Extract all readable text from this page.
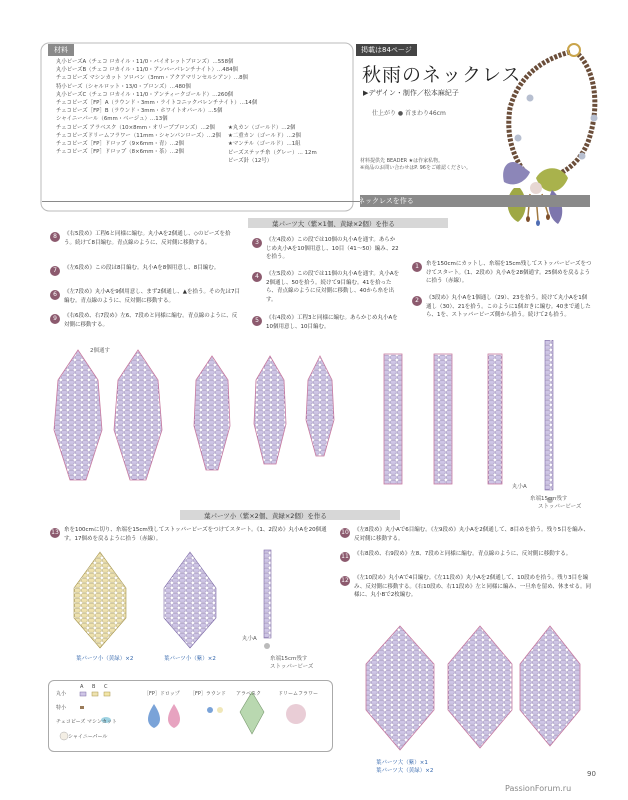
材料
丸小ビーズA（チェコ ロカイル・11/0・バイオレットブロンズ）…558個
丸小ビーズB（チェコ ロカイル・11/0・アンバーパレンチナイト）…484個
チェコビーズ マシンカット ソロバン（3mm・アクアマリンセルシアン）…8個
特小ビーズ（シャルロット・13/0・ブロンズ）…480個
丸小ビーズC（チェコ ロカイル・11/0・アンティークゴールド）…260個
チェコビーズ［FP］A（ラウンド・3mm・ライトコニックバレンチナイト）…14個
チェコビーズ［FP］B（ラウンド・3mm・ホワイトオパール）…5個
シャイニーパール（6mm・ベージュ）…13個
チェコビーズ アラベスク（10×8mm・オリーブブロンズ）…2個
チェコビーズドリームフラワー（11mm・シャンパンローズ）…2個
チェコビーズ［FP］ドロップ（9×6mm・青）…2個
チェコビーズ［FP］ドロップ（8×6mm・茶）…2個
★丸カン（ゴールド）…2個
★二重カン（ゴールド）…2個
★マンテル（ゴールド）…1組
ビーズステッチ糸（グレー）… 12m
ビーズ針（12号）
掲載は84ページ
秋雨のネックレス
▶デザイン・制作／松本麻紀子
仕上がり ● 首まわり46cm
材料提供先 BEADER ★は作家私物。
※商品のお問い合わせはP. 96をご確認ください。
ネックレスを作る
葉パーツ大（紫×1個、黄緑×2個）を作る
8	《右5段め》工程6と同様に編む。丸小Aを2個通し、◇のビーズを拾う。続けて8目編む。青点線のように、反対側に移動する。
7	《左6段め》この段は8目編む。丸小Aを8個用意し、8目編む。
6	《左7段め》丸小Aを9個用意し、まず2個通し、▲を拾う。その先は7目編む。青点線のように、反対側に移動する。
9	《右6段め、右7段め》左6、7段めと同様に編む。青点線のように、反対側に移動する。
3	《左4段め》この段では10個の丸小Aを通す。あらかじめ丸小Aを10個用意し、10目（41〜50）編み、22を拾う。
4	《左5段め》この段では11個の丸小Aを通す。丸小Aを2個通し、50を拾う。続けて9目編む。41を拾ったら、青点線のように反対側に移動し、40から糸を出す。
5	《右4段め》工程3と同様に編む。あらかじめ丸小Aを10個用意し、10目編む。
1	糸を150cmにカットし、糸端を15cm残してストッパービーズをつけてスタート。《1、2段め》丸小Aを28個通す。25個めを戻るように拾う（赤線）。
2	《3段め》丸小Aを1個通し（29）、23を拾う。続けて丸小Aを1個通し（30）、21を拾う。このように1個おきに編む。40まで通したら、1を、ストッパービーズ側から拾う。続けて2も拾う。
2個通す
丸小A
糸端15cm残す
ストッパービーズ
葉パーツ小（紫×2個、黄緑×2個）を作る
13 糸を100cmに切り、糸端を15cm残してストッパービーズをつけてスタート。《1、2段め》丸小Aを20個通す。17個めを戻るように拾う（赤線）。
葉パーツ小（黄緑）×2	葉パーツ小（紫）×2
丸小A
糸端15cm残す
ストッパービーズ
10 《左8段め》丸小Aで6目編む。《左9段め》丸小Aを2個通して、8目めを拾う。残り5目を編み、反対側に移動する。
11 《右8段め、右9段め》左8、7段めと同様に編む。青点線のように、反対側に移動する。
12 《左10段め》丸小Aで4目編む。《左11段め》丸小Aを2個通して、10段めを拾う。残り3目を編み、反対側に移動する。《右10段め、右11段め》左と同様に編み、一旦糸を留め、休ませる。同様に、丸小Bで2枚編む。
葉パーツ大（紫）×1
葉パーツ大（黄緑）×2
丸小
A B C
特小
チェコビーズ マシンカット
シャイニーパール
［FP］ドロップ ［FP］ラウンド アラベスク	ドリームフラワー
90
PassionForum.ru
